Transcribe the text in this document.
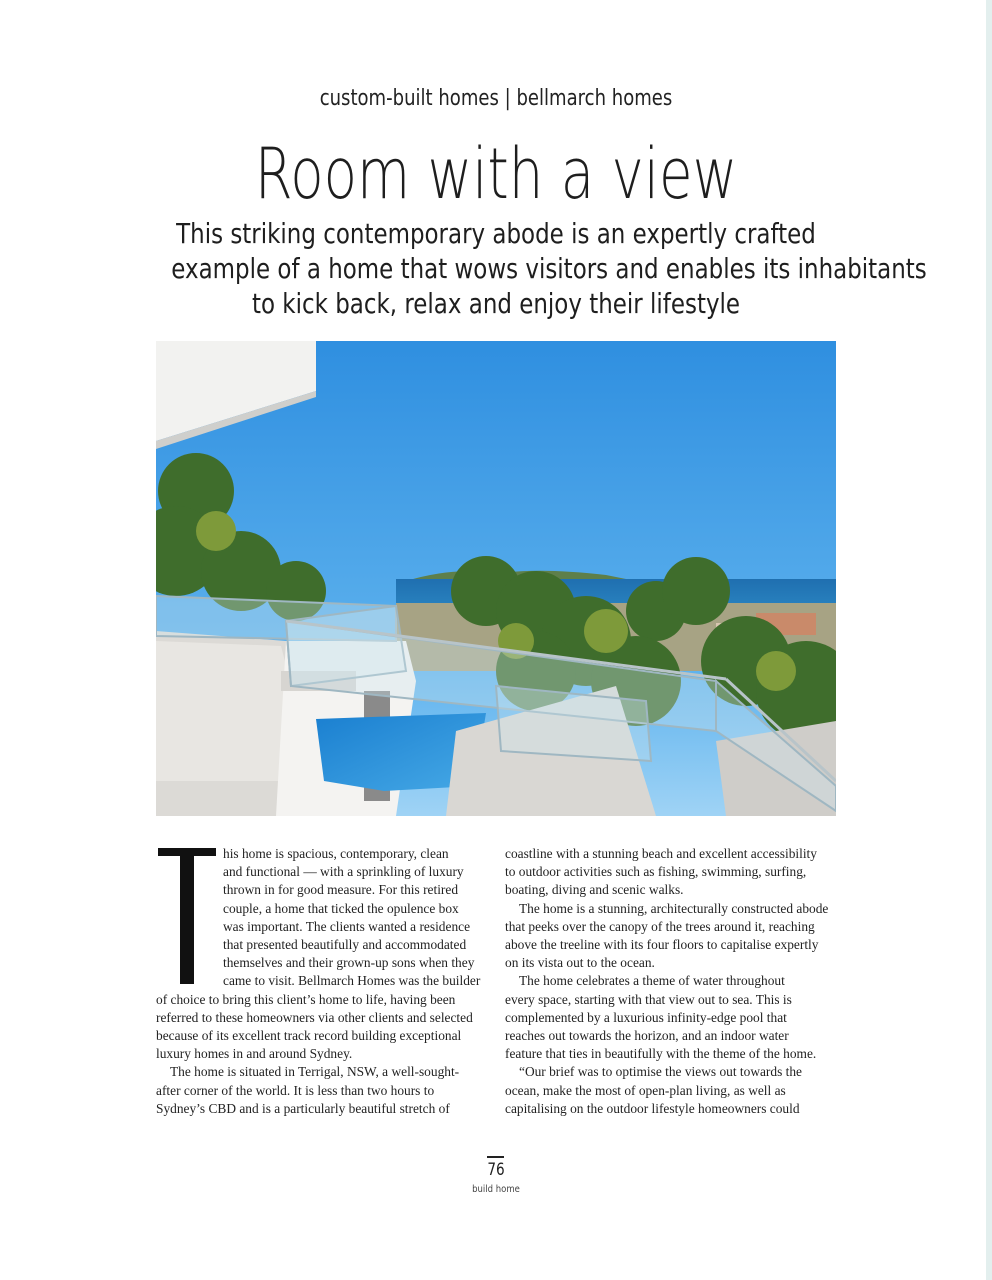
custom-built homes | bellmarch homes
Room with a view
This striking contemporary abode is an expertly crafted
example of a home that wows visitors and enables its inhabitants
to kick back, relax and enjoy their lifestyle
T	his home is spacious, contemporary, clean
and functional — with a sprinkling of luxury
thrown in for good measure. For this retired
couple, a home that ticked the opulence box
was important. The clients wanted a residence
that presented beautifully and accommodated
themselves and their grown-up sons when they
came to visit. Bellmarch Homes was the builder
of choice to bring this client’s home to life, having been
referred to these homeowners via other clients and selected
because of its excellent track record building exceptional
luxury homes in and around Sydney.
The home is situated in Terrigal, NSW, a well-sought-
after corner of the world. It is less than two hours to
Sydney’s CBD and is a particularly beautiful stretch of
coastline with a stunning beach and excellent accessibility
to outdoor activities such as fishing, swimming, surfing,
boating, diving and scenic walks.
The home is a stunning, architecturally constructed abode
that peeks over the canopy of the trees around it, reaching
above the treeline with its four floors to capitalise expertly
on its vista out to the ocean.
The home celebrates a theme of water throughout
every space, starting with that view out to sea. This is
complemented by a luxurious infinity-edge pool that
reaches out towards the horizon, and an indoor water
feature that ties in beautifully with the theme of the home.
“Our brief was to optimise the views out towards the
ocean, make the most of open-plan living, as well as
capitalising on the outdoor lifestyle homeowners could
76
build home
